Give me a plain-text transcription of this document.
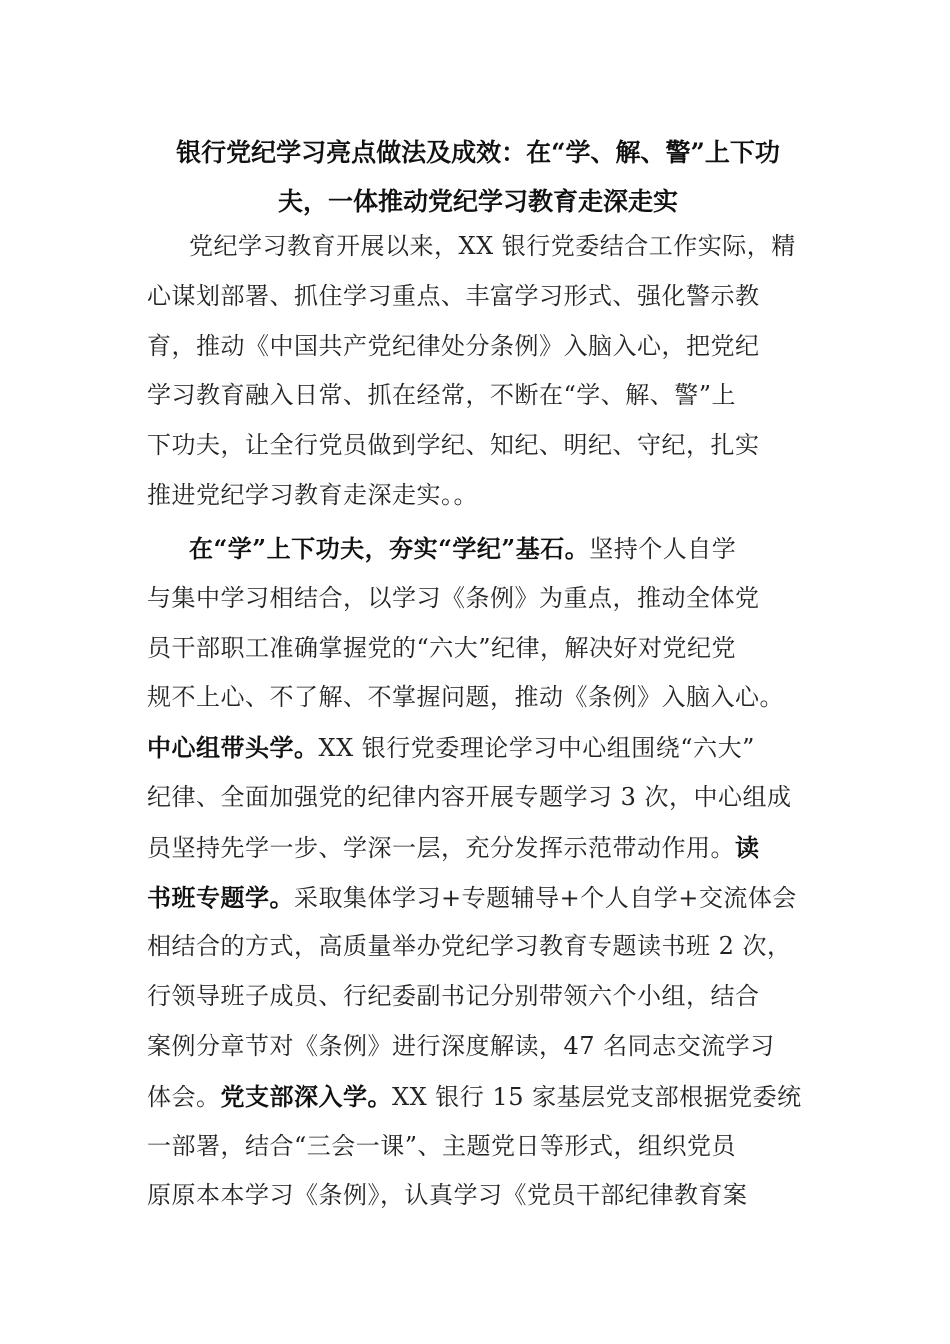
银行党纪学习亮点做法及成效：在“学、解、警”上下功
夫，一体推动党纪学习教育走深走实
党纪学习教育开展以来，XX 银行党委结合工作实际，精
心谋划部署、抓住学习重点、丰富学习形式、强化警示教
育，推动《中国共产党纪律处分条例》入脑入心，把党纪
学习教育融入日常、抓在经常，不断在“学、解、警”上
下功夫，让全行党员做到学纪、知纪、明纪、守纪，扎实
推进党纪学习教育走深走实。。
在“学”上下功夫，夯实“学纪”基石。坚持个人自学
与集中学习相结合，以学习《条例》为重点，推动全体党
员干部职工准确掌握党的“六大”纪律，解决好对党纪党
规不上心、不了解、不掌握问题，推动《条例》入脑入心。
中心组带头学。XX 银行党委理论学习中心组围绕“六大”
纪律、全面加强党的纪律内容开展专题学习 3 次，中心组成
员坚持先学一步、学深一层，充分发挥示范带动作用。读
书班专题学。采取集体学习+专题辅导+个人自学+交流体会
相结合的方式，高质量举办党纪学习教育专题读书班 2 次，
行领导班子成员、行纪委副书记分别带领六个小组，结合
案例分章节对《条例》进行深度解读，47 名同志交流学习
体会。党支部深入学。XX 银行 15 家基层党支部根据党委统
一部署，结合“三会一课”、主题党日等形式，组织党员
原原本本学习《条例》，认真学习《党员干部纪律教育案
